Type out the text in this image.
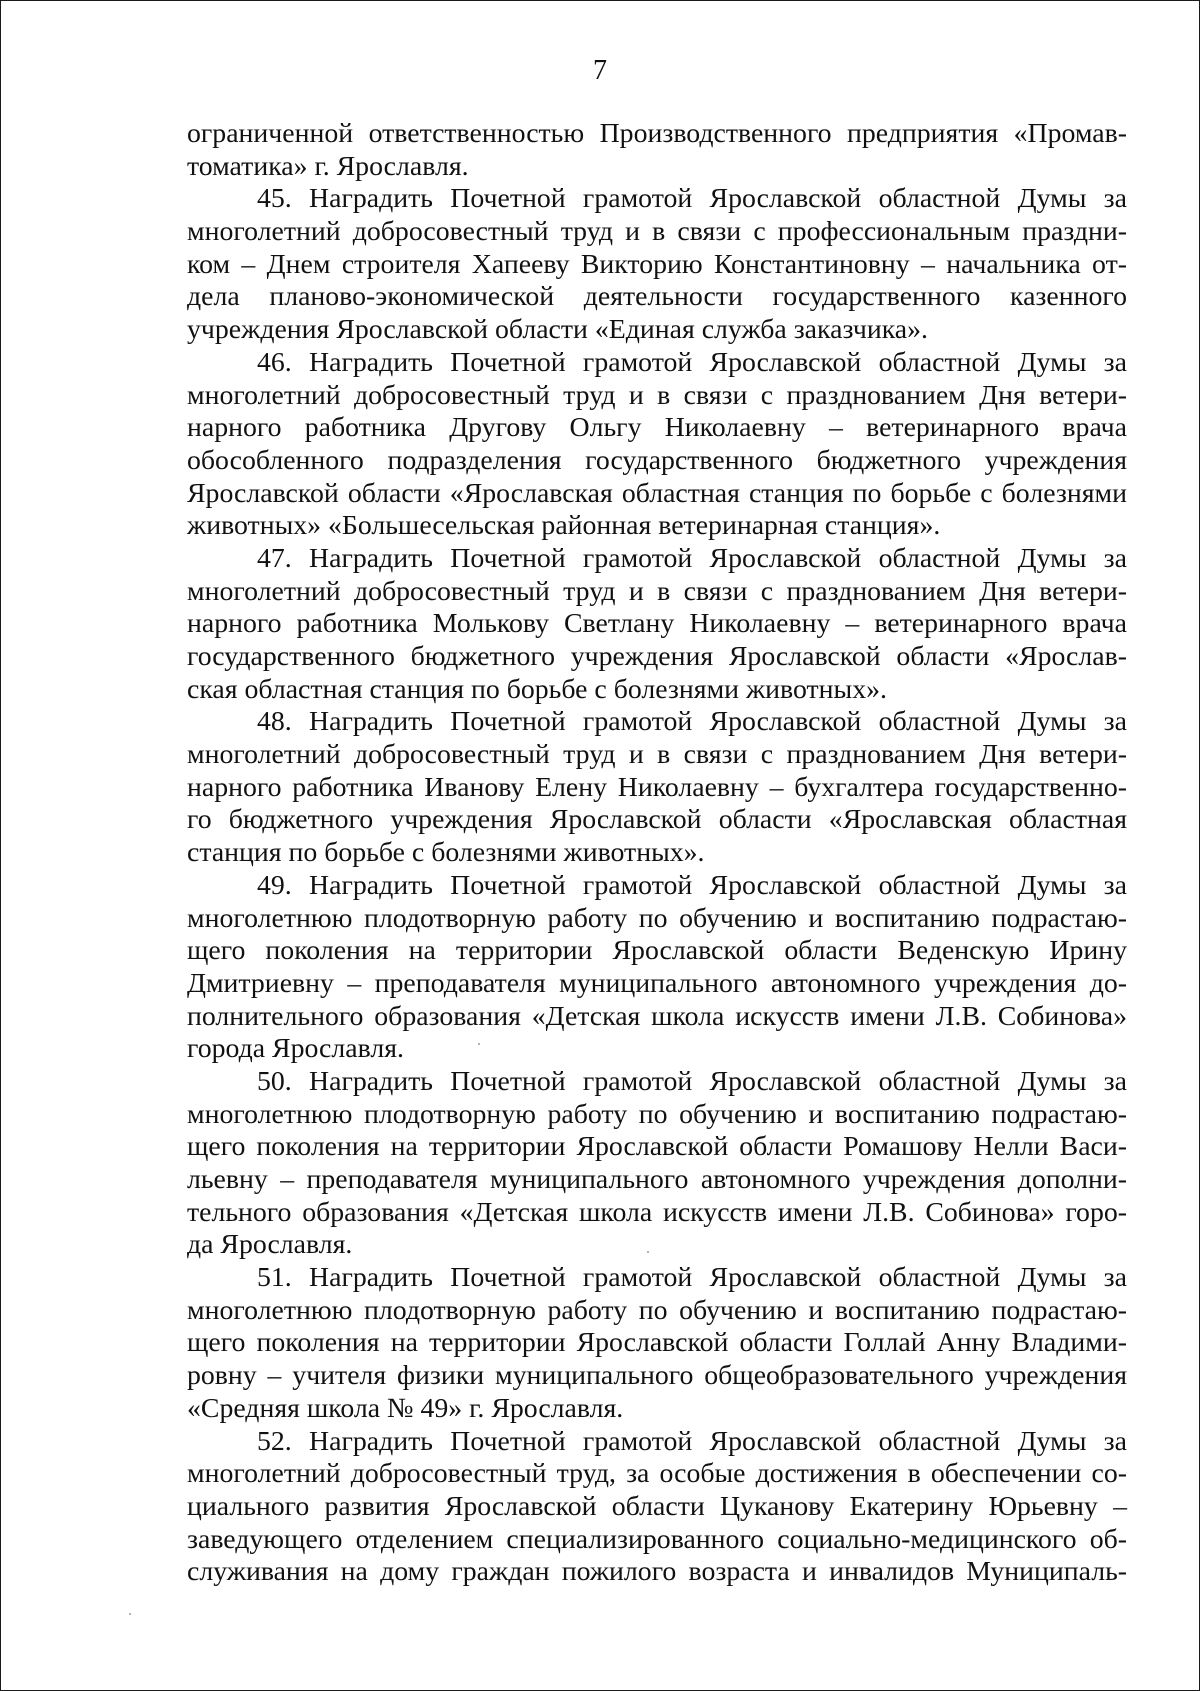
7

ограниченной ответственностью Производственного предприятия «Промав-
томатика» г. Ярославля.

45. Наградить Почетной грамотой Ярославской областной Думы за
многолетний добросовестный труд и в связи с профессиональным праздни-
ком – Днем строителя Хапееву Викторию Константиновну – начальника от-
дела планово-экономической деятельности государственного казенного
учреждения Ярославской области «Единая служба заказчика».

46. Наградить Почетной грамотой Ярославской областной Думы за
многолетний добросовестный труд и в связи с празднованием Дня ветери-
нарного работника Другову Ольгу Николаевну – ветеринарного врача
обособленного подразделения государственного бюджетного учреждения
Ярославской области «Ярославская областная станция по борьбе с болезнями
животных» «Большесельская районная ветеринарная станция».

47. Наградить Почетной грамотой Ярославской областной Думы за
многолетний добросовестный труд и в связи с празднованием Дня ветери-
нарного работника Молькову Светлану Николаевну – ветеринарного врача
государственного бюджетного учреждения Ярославской области «Ярослав-
ская областная станция по борьбе с болезнями животных».

48. Наградить Почетной грамотой Ярославской областной Думы за
многолетний добросовестный труд и в связи с празднованием Дня ветери-
нарного работника Иванову Елену Николаевну – бухгалтера государственно-
го бюджетного учреждения Ярославской области «Ярославская областная
станция по борьбе с болезнями животных».

49. Наградить Почетной грамотой Ярославской областной Думы за
многолетнюю плодотворную работу по обучению и воспитанию подрастаю-
щего поколения на территории Ярославской области Веденскую Ирину
Дмитриевну – преподавателя муниципального автономного учреждения до-
полнительного образования «Детская школа искусств имени Л.В. Собинова»
города Ярославля.

50. Наградить Почетной грамотой Ярославской областной Думы за
многолетнюю плодотворную работу по обучению и воспитанию подрастаю-
щего поколения на территории Ярославской области Ромашову Нелли Васи-
льевну – преподавателя муниципального автономного учреждения дополни-
тельного образования «Детская школа искусств имени Л.В. Собинова» горо-
да Ярославля.

51. Наградить Почетной грамотой Ярославской областной Думы за
многолетнюю плодотворную работу по обучению и воспитанию подрастаю-
щего поколения на территории Ярославской области Голлай Анну Владими-
ровну – учителя физики муниципального общеобразовательного учреждения
«Средняя школа № 49» г. Ярославля.

52. Наградить Почетной грамотой Ярославской областной Думы за
многолетний добросовестный труд, за особые достижения в обеспечении со-
циального развития Ярославской области Цуканову Екатерину Юрьевну –
заведующего отделением специализированного социально-медицинского об-
служивания на дому граждан пожилого возраста и инвалидов Муниципаль-
